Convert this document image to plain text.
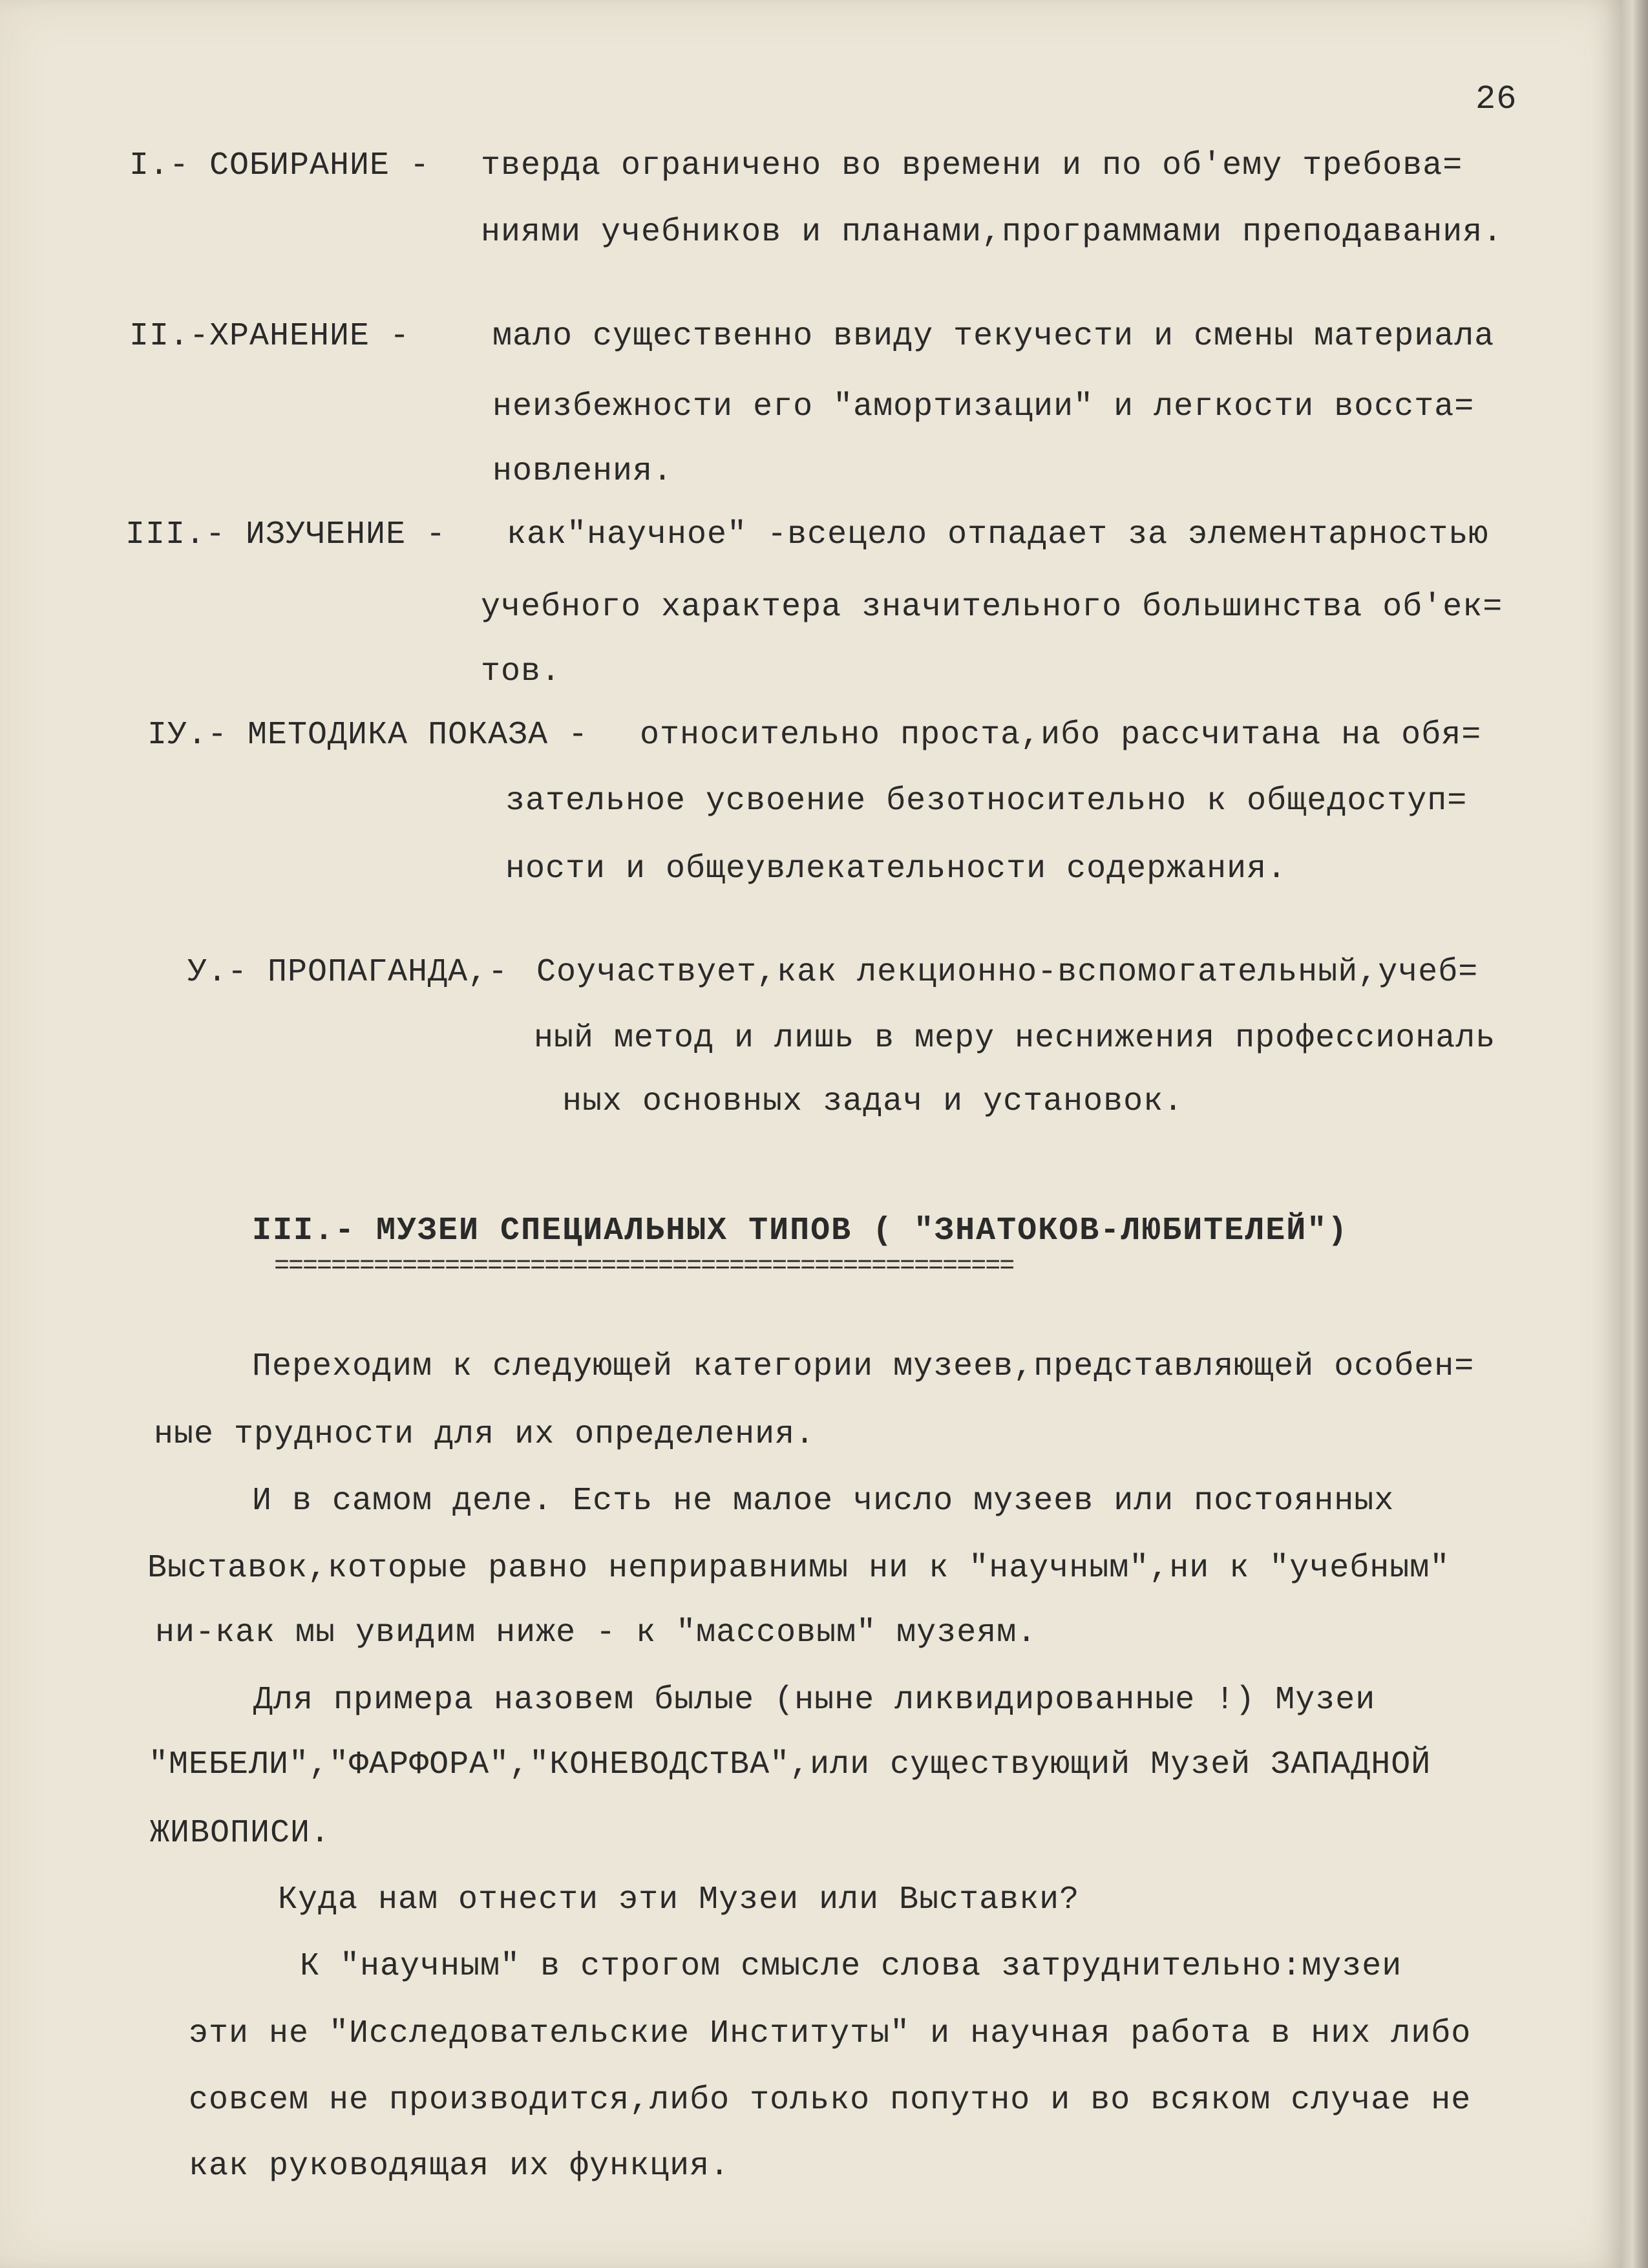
26
I.- СОБИРАНИЕ - тверда ограничено во времени и по об'ему требова=
ниями учебников и планами,программами преподавания.
II.-ХРАНЕНИЕ -	мало существенно ввиду текучести и смены материала
неизбежности его "амортизации" и легкости восста=
новления.
III.- ИЗУЧЕНИЕ - как"научное" -всецело отпадает за элементарностью
учебного характера значительного большинства об'ек=
тов.
IУ.- МЕТОДИКА ПОКАЗА - относительно проста,ибо рассчитана на обя=
зательное усвоение безотносительно к общедоступ=
ности и общеувлекательности содержания.
У.- ПРОПАГАНДА,- Соучаствует,как лекционно-вспомогательный,учеб=
ный метод и лишь в меру неснижения профессиональ
ных основных задач и установок.
III.- МУЗЕИ СПЕЦИАЛЬНЫХ ТИПОВ ( "ЗНАТОКОВ-ЛЮБИТЕЛЕЙ")
====================================================
Переходим к следующей категории музеев,представляющей особен=
ные трудности для их определения.
И в самом деле. Есть не малое число музеев или постоянных
Выставок,которые равно неприравнимы ни к "научным",ни к "учебным"
ни-как мы увидим ниже - к "массовым" музеям.
Для примера назовем былые (ныне ликвидированные !) Музеи
"МЕБЕЛИ","ФАРФОРА","КОНЕВОДСТВА",или существующий Музей ЗАПАДНОЙ
ЖИВОПИСИ.
Куда нам отнести эти Музеи или Выставки?
К "научным" в строгом смысле слова затруднительно:музеи
эти не "Исследовательские Институты" и научная работа в них либо
совсем не производится,либо только попутно и во всяком случае не
как руководящая их функция.
